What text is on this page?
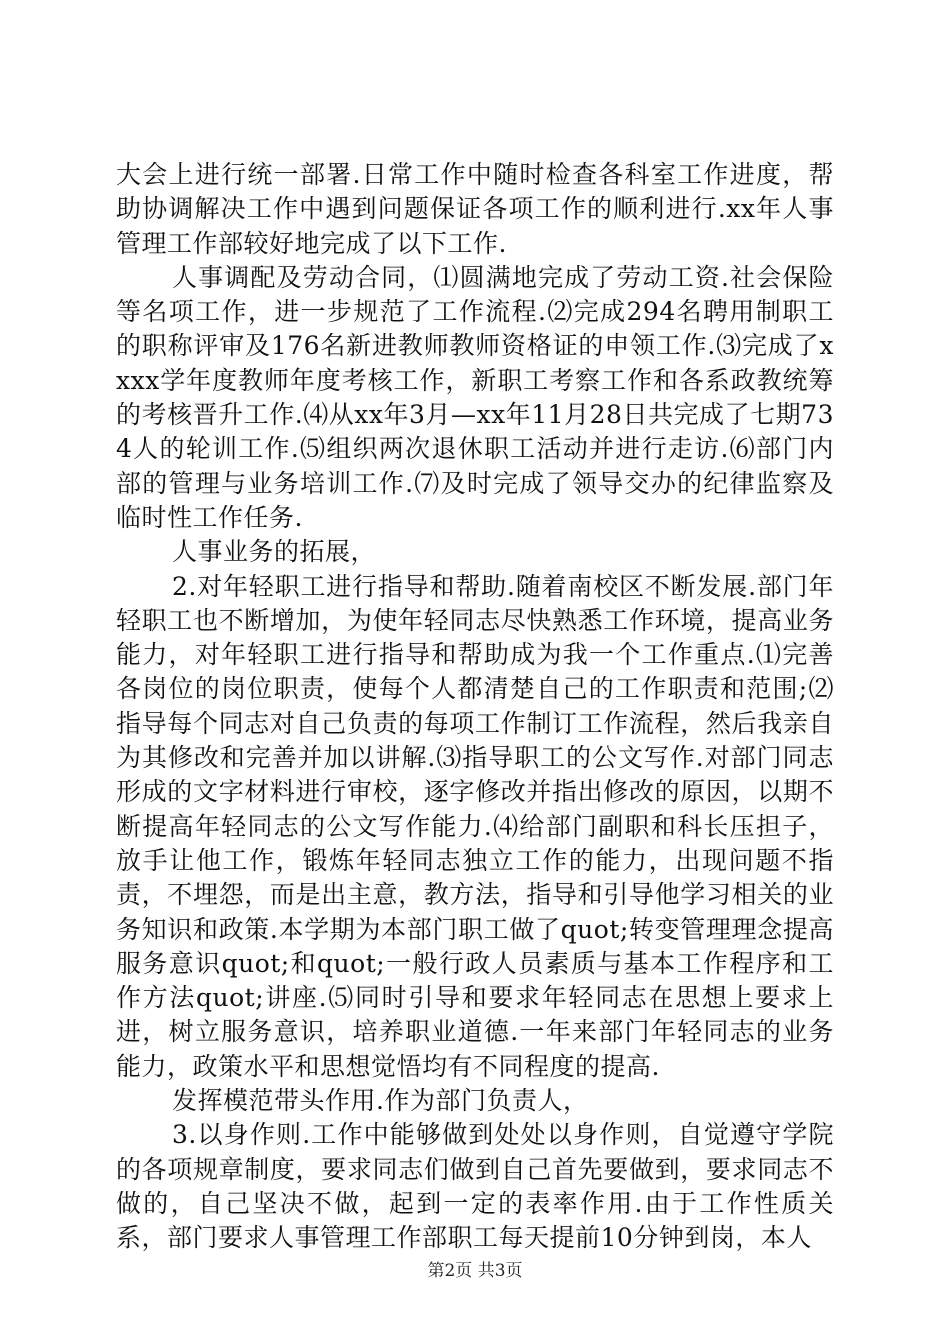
大会上进行统一部署.日常工作中随时检查各科室工作进度，帮助协调解决工作中遇到问题保证各项工作的顺利进行.xx年人事管理工作部较好地完成了以下工作.

人事调配及劳动合同，⑴圆满地完成了劳动工资.社会保险等名项工作，进一步规范了工作流程.⑵完成294名聘用制职工的职称评审及176名新进教师教师资格证的申领工作.⑶完成了xxxx学年度教师年度考核工作，新职工考察工作和各系政教统筹的考核晋升工作.⑷从xx年3月—xx年11月28日共完成了七期734人的轮训工作.⑸组织两次退休职工活动并进行走访.⑹部门内部的管理与业务培训工作.⑺及时完成了领导交办的纪律监察及临时性工作任务.

人事业务的拓展，

2.对年轻职工进行指导和帮助.随着南校区不断发展.部门年轻职工也不断增加，为使年轻同志尽快熟悉工作环境，提高业务能力，对年轻职工进行指导和帮助成为我一个工作重点.⑴完善各岗位的岗位职责，使每个人都清楚自己的工作职责和范围;⑵指导每个同志对自己负责的每项工作制订工作流程，然后我亲自为其修改和完善并加以讲解.⑶指导职工的公文写作.对部门同志形成的文字材料进行审校，逐字修改并指出修改的原因，以期不断提高年轻同志的公文写作能力.⑷给部门副职和科长压担子，放手让他工作，锻炼年轻同志独立工作的能力，出现问题不指责，不埋怨，而是出主意，教方法，指导和引导他学习相关的业务知识和政策.本学期为本部门职工做了quot;转变管理理念提高服务意识quot;和quot;一般行政人员素质与基本工作程序和工作方法quot;讲座.⑸同时引导和要求年轻同志在思想上要求上进，树立服务意识，培养职业道德.一年来部门年轻同志的业务能力，政策水平和思想觉悟均有不同程度的提高.

发挥模范带头作用.作为部门负责人，

3.以身作则.工作中能够做到处处以身作则，自觉遵守学院的各项规章制度，要求同志们做到自己首先要做到，要求同志不做的，自己坚决不做，起到一定的表率作用.由于工作性质关系，部门要求人事管理工作部职工每天提前10分钟到岗，本人

第2页 共3页
